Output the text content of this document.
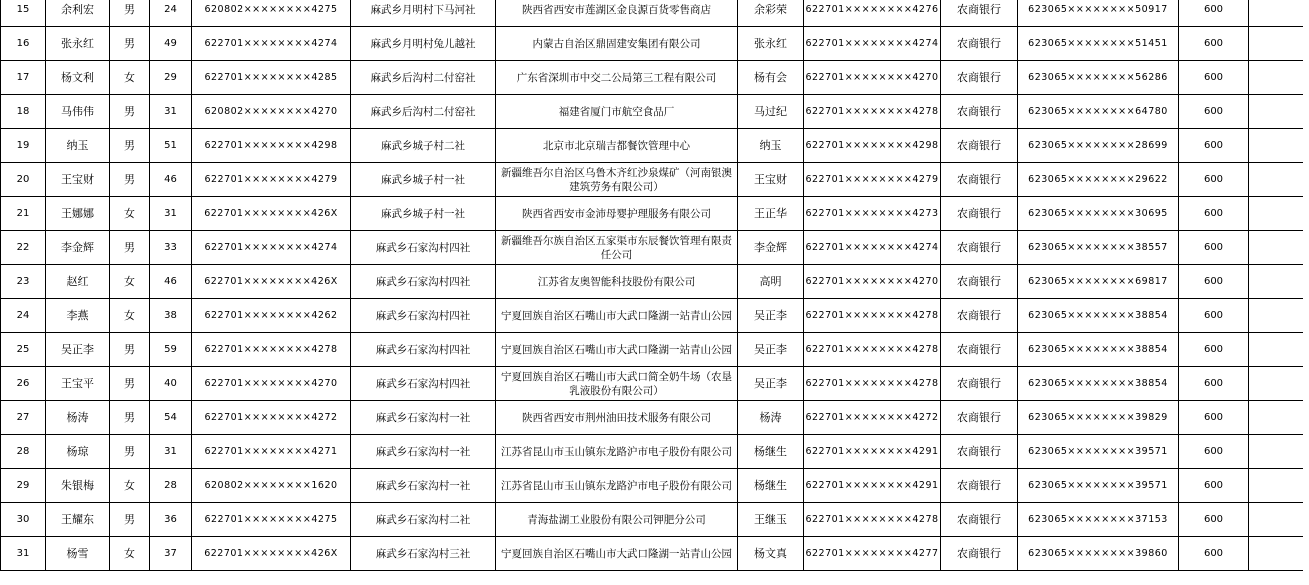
15	余利宏	男	24	620802××××××××4275	麻武乡月明村下马河社	陕西省西安市莲湖区金良源百货零售商店	余彩荣	622701××××××××4276	农商银行	623065××××××××50917	600	
16	张永红	男	49	622701××××××××4274	麻武乡月明村兔儿越社	内蒙古自治区鼎固建安集团有限公司	张永红	622701××××××××4274	农商银行	623065××××××××51451	600	
17	杨文利	女	29	622701××××××××4285	麻武乡后沟村二付窑社	广东省深圳市中交二公局第三工程有限公司	杨有会	622701××××××××4270	农商银行	623065××××××××56286	600	
18	马伟伟	男	31	620802××××××××4270	麻武乡后沟村二付窑社	福建省厦门市航空食品厂	马过纪	622701××××××××4278	农商银行	623065××××××××64780	600	
19	纳玉	男	51	622701××××××××4298	麻武乡城子村二社	北京市北京瑞吉都餐饮管理中心	纳玉	622701××××××××4298	农商银行	623065××××××××28699	600	
20	王宝财	男	46	622701××××××××4279	麻武乡城子村一社	新疆维吾尔自治区乌鲁木齐红沙泉煤矿（河南银澳建筑劳务有限公司）	王宝财	622701××××××××4279	农商银行	623065××××××××29622	600	
21	王娜娜	女	31	622701××××××××426X	麻武乡城子村一社	陕西省西安市金沛母婴护理服务有限公司	王正华	622701××××××××4273	农商银行	623065××××××××30695	600	
22	李金辉	男	33	622701××××××××4274	麻武乡石家沟村四社	新疆维吾尔族自治区五家渠市东辰餐饮管理有限责任公司	李金辉	622701××××××××4274	农商银行	623065××××××××38557	600	
23	赵红	女	46	622701××××××××426X	麻武乡石家沟村四社	江苏省友奥智能科技股份有限公司	高明	622701××××××××4270	农商银行	623065××××××××69817	600	
24	李燕	女	38	622701××××××××4262	麻武乡石家沟村四社	宁夏回族自治区石嘴山市大武口隆湖一站青山公园	吴正李	622701××××××××4278	农商银行	623065××××××××38854	600	
25	吴正李	男	59	622701××××××××4278	麻武乡石家沟村四社	宁夏回族自治区石嘴山市大武口隆湖一站青山公园	吴正李	622701××××××××4278	农商银行	623065××××××××38854	600	
26	王宝平	男	40	622701××××××××4270	麻武乡石家沟村四社	宁夏回族自治区石嘴山市大武口简全奶牛场（农垦乳液股份有限公司）	吴正李	622701××××××××4278	农商银行	623065××××××××38854	600	
27	杨涛	男	54	622701××××××××4272	麻武乡石家沟村一社	陕西省西安市荆州油田技术服务有限公司	杨涛	622701××××××××4272	农商银行	623065××××××××39829	600	
28	杨琼	男	31	622701××××××××4271	麻武乡石家沟村一社	江苏省昆山市玉山镇东龙路沪市电子股份有限公司	杨继生	622701××××××××4291	农商银行	623065××××××××39571	600	
29	朱银梅	女	28	620802××××××××1620	麻武乡石家沟村一社	江苏省昆山市玉山镇东龙路沪市电子股份有限公司	杨继生	622701××××××××4291	农商银行	623065××××××××39571	600	
30	王耀东	男	36	622701××××××××4275	麻武乡石家沟村二社	青海盐湖工业股份有限公司钾肥分公司	王继玉	622701××××××××4278	农商银行	623065××××××××37153	600	
31	杨雪	女	37	622701××××××××426X	麻武乡石家沟村三社	宁夏回族自治区石嘴山市大武口隆湖一站青山公园	杨文真	622701××××××××4277	农商银行	623065××××××××39860	600	
